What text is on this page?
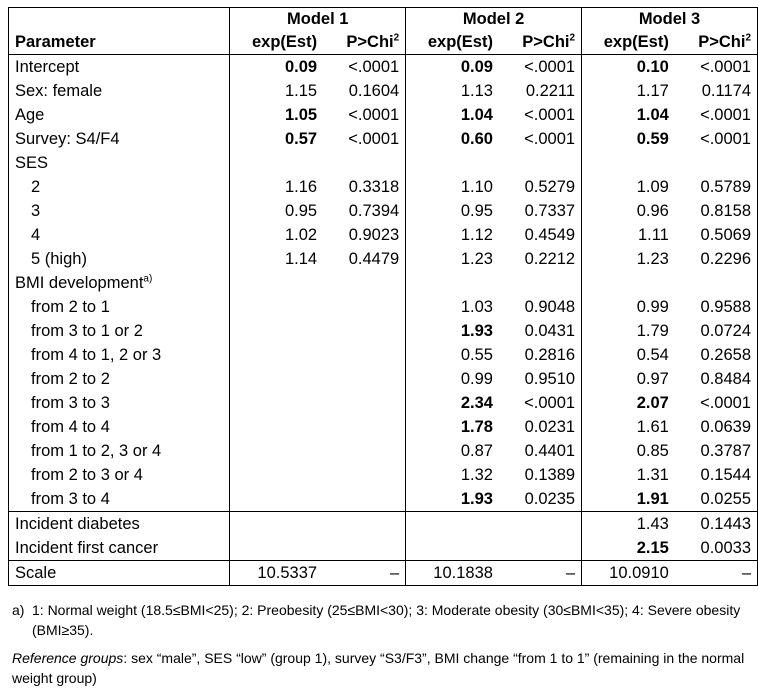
	Model 1		Model 2		Model 3	
Parameter	exp(Est)	P>Chi$^2$	exp(Est)	P>Chi$^2$	exp(Est)	P>Chi$^2$
Intercept	0.09	<.0001	0.09	<.0001	0.10	<.0001
Sex: female	1.15	0.1604	1.13	0.2211	1.17	0.1174
Age	1.05	<.0001	1.04	<.0001	1.04	<.0001
Survey: S4/F4	0.57	<.0001	0.60	<.0001	0.59	<.0001
SES						
2	1.16	0.3318	1.10	0.5279	1.09	0.5789
3	0.95	0.7394	0.95	0.7337	0.96	0.8158
4	1.02	0.9023	1.12	0.4549	1.11	0.5069
5 (high)	1.14	0.4479	1.23	0.2212	1.23	0.2296
BMI development$^{a)}$						
from 2 to 1			1.03	0.9048	0.99	0.9588
from 3 to 1 or 2			1.93	0.0431	1.79	0.0724
from 4 to 1, 2 or 3			0.55	0.2816	0.54	0.2658
from 2 to 2			0.99	0.9510	0.97	0.8484
from 3 to 3			2.34	<.0001	2.07	<.0001
from 4 to 4			1.78	0.0231	1.61	0.0639
from 1 to 2, 3 or 4			0.87	0.4401	0.85	0.3787
from 2 to 3 or 4			1.32	0.1389	1.31	0.1544
from 3 to 4			1.93	0.0235	1.91	0.0255
Incident diabetes					1.43	0.1443
Incident first cancer					2.15	0.0033
Scale	10.5337	–	10.1838	–	10.0910	–
a) 1: Normal weight (18.5≤BMI<25); 2: Preobesity (25≤BMI<30); 3: Moderate obesity (30≤BMI<35); 4: Severe obesity (BMI≥35).
Reference groups: sex “male”, SES “low” (group 1), survey “S3/F3”, BMI change “from 1 to 1” (remaining in the normal weight group)
